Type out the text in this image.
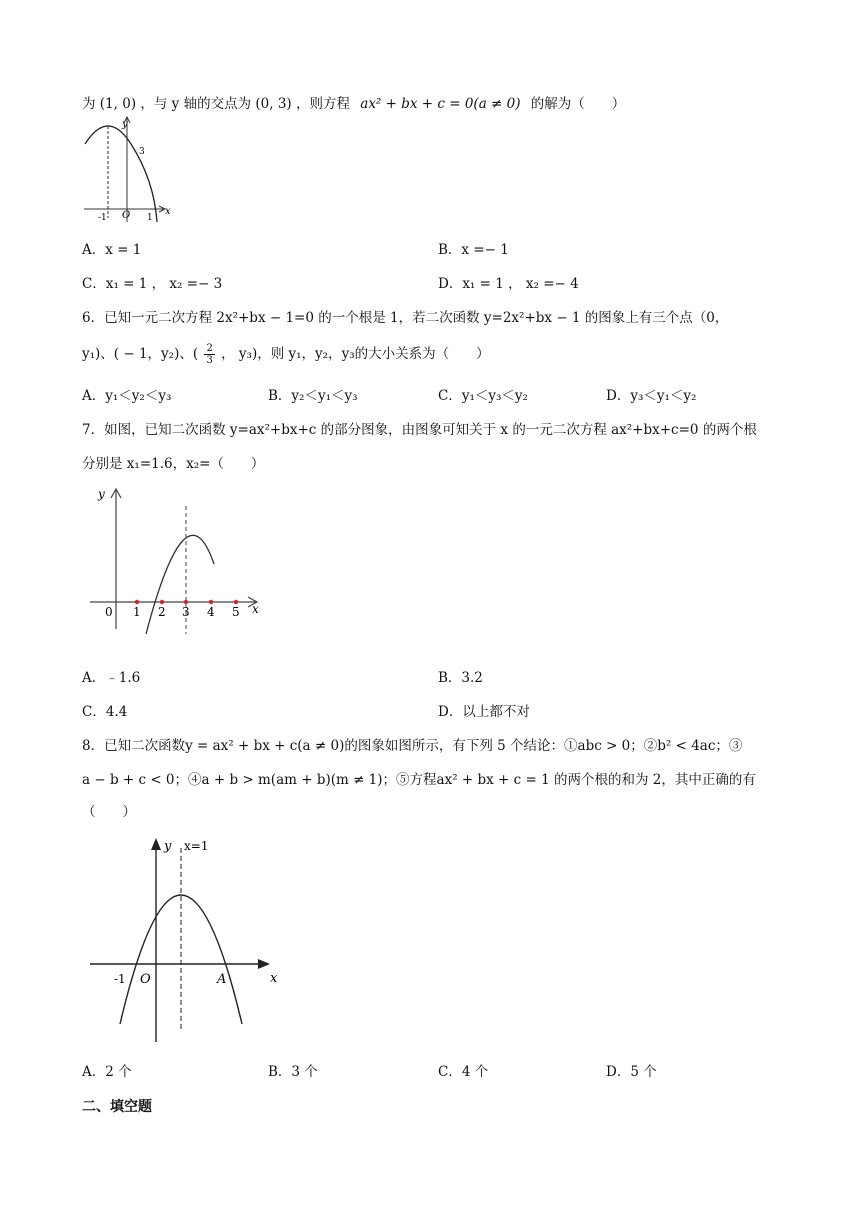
为 (1, 0) ，与 y 轴的交点为 (0, 3) ，则方程 ax² + bx + c = 0(a ≠ 0) 的解为（　　）
y
x
3
-1 O 1
A．x = 1	B．x =− 1
C．x₁ = 1 ， x₂ =− 3	D．x₁ = 1 ， x₂ =− 4
6．已知一元二次方程 2x²+bx − 1=0 的一个根是 1，若二次函数 y=2x²+bx − 1 的图象上有三个点（0，
y₁)、( − 1，y₂)、( $\frac{2}{3}$ ， y₃)，则 y₁，y₂，y₃的大小关系为（　　）
A．y₁＜y₂＜y₃	B．y₂＜y₁＜y₃	C．y₁＜y₃＜y₂	D．y₃＜y₁＜y₂
7．如图，已知二次函数 y=ax²+bx+c 的部分图象，由图象可知关于 x 的一元二次方程 ax²+bx+c=0 的两个根
分别是 x₁=1.6，x₂=（　　）
y
x
0 1 2 3 4 5
A．﹣1.6	B．3.2
C．4.4	D．以上都不对
8．已知二次函数y = ax² + bx + c(a ≠ 0)的图象如图所示，有下列 5 个结论：①abc > 0；②b² < 4ac；③
a − b + c < 0；④a + b > m(am + b)(m ≠ 1)；⑤方程ax² + bx + c = 1 的两个根的和为 2，其中正确的有
（　　）
y
x
x=1
-1 O	A
A．2 个	B．3 个	C．4 个	D．5 个
二、填空题
